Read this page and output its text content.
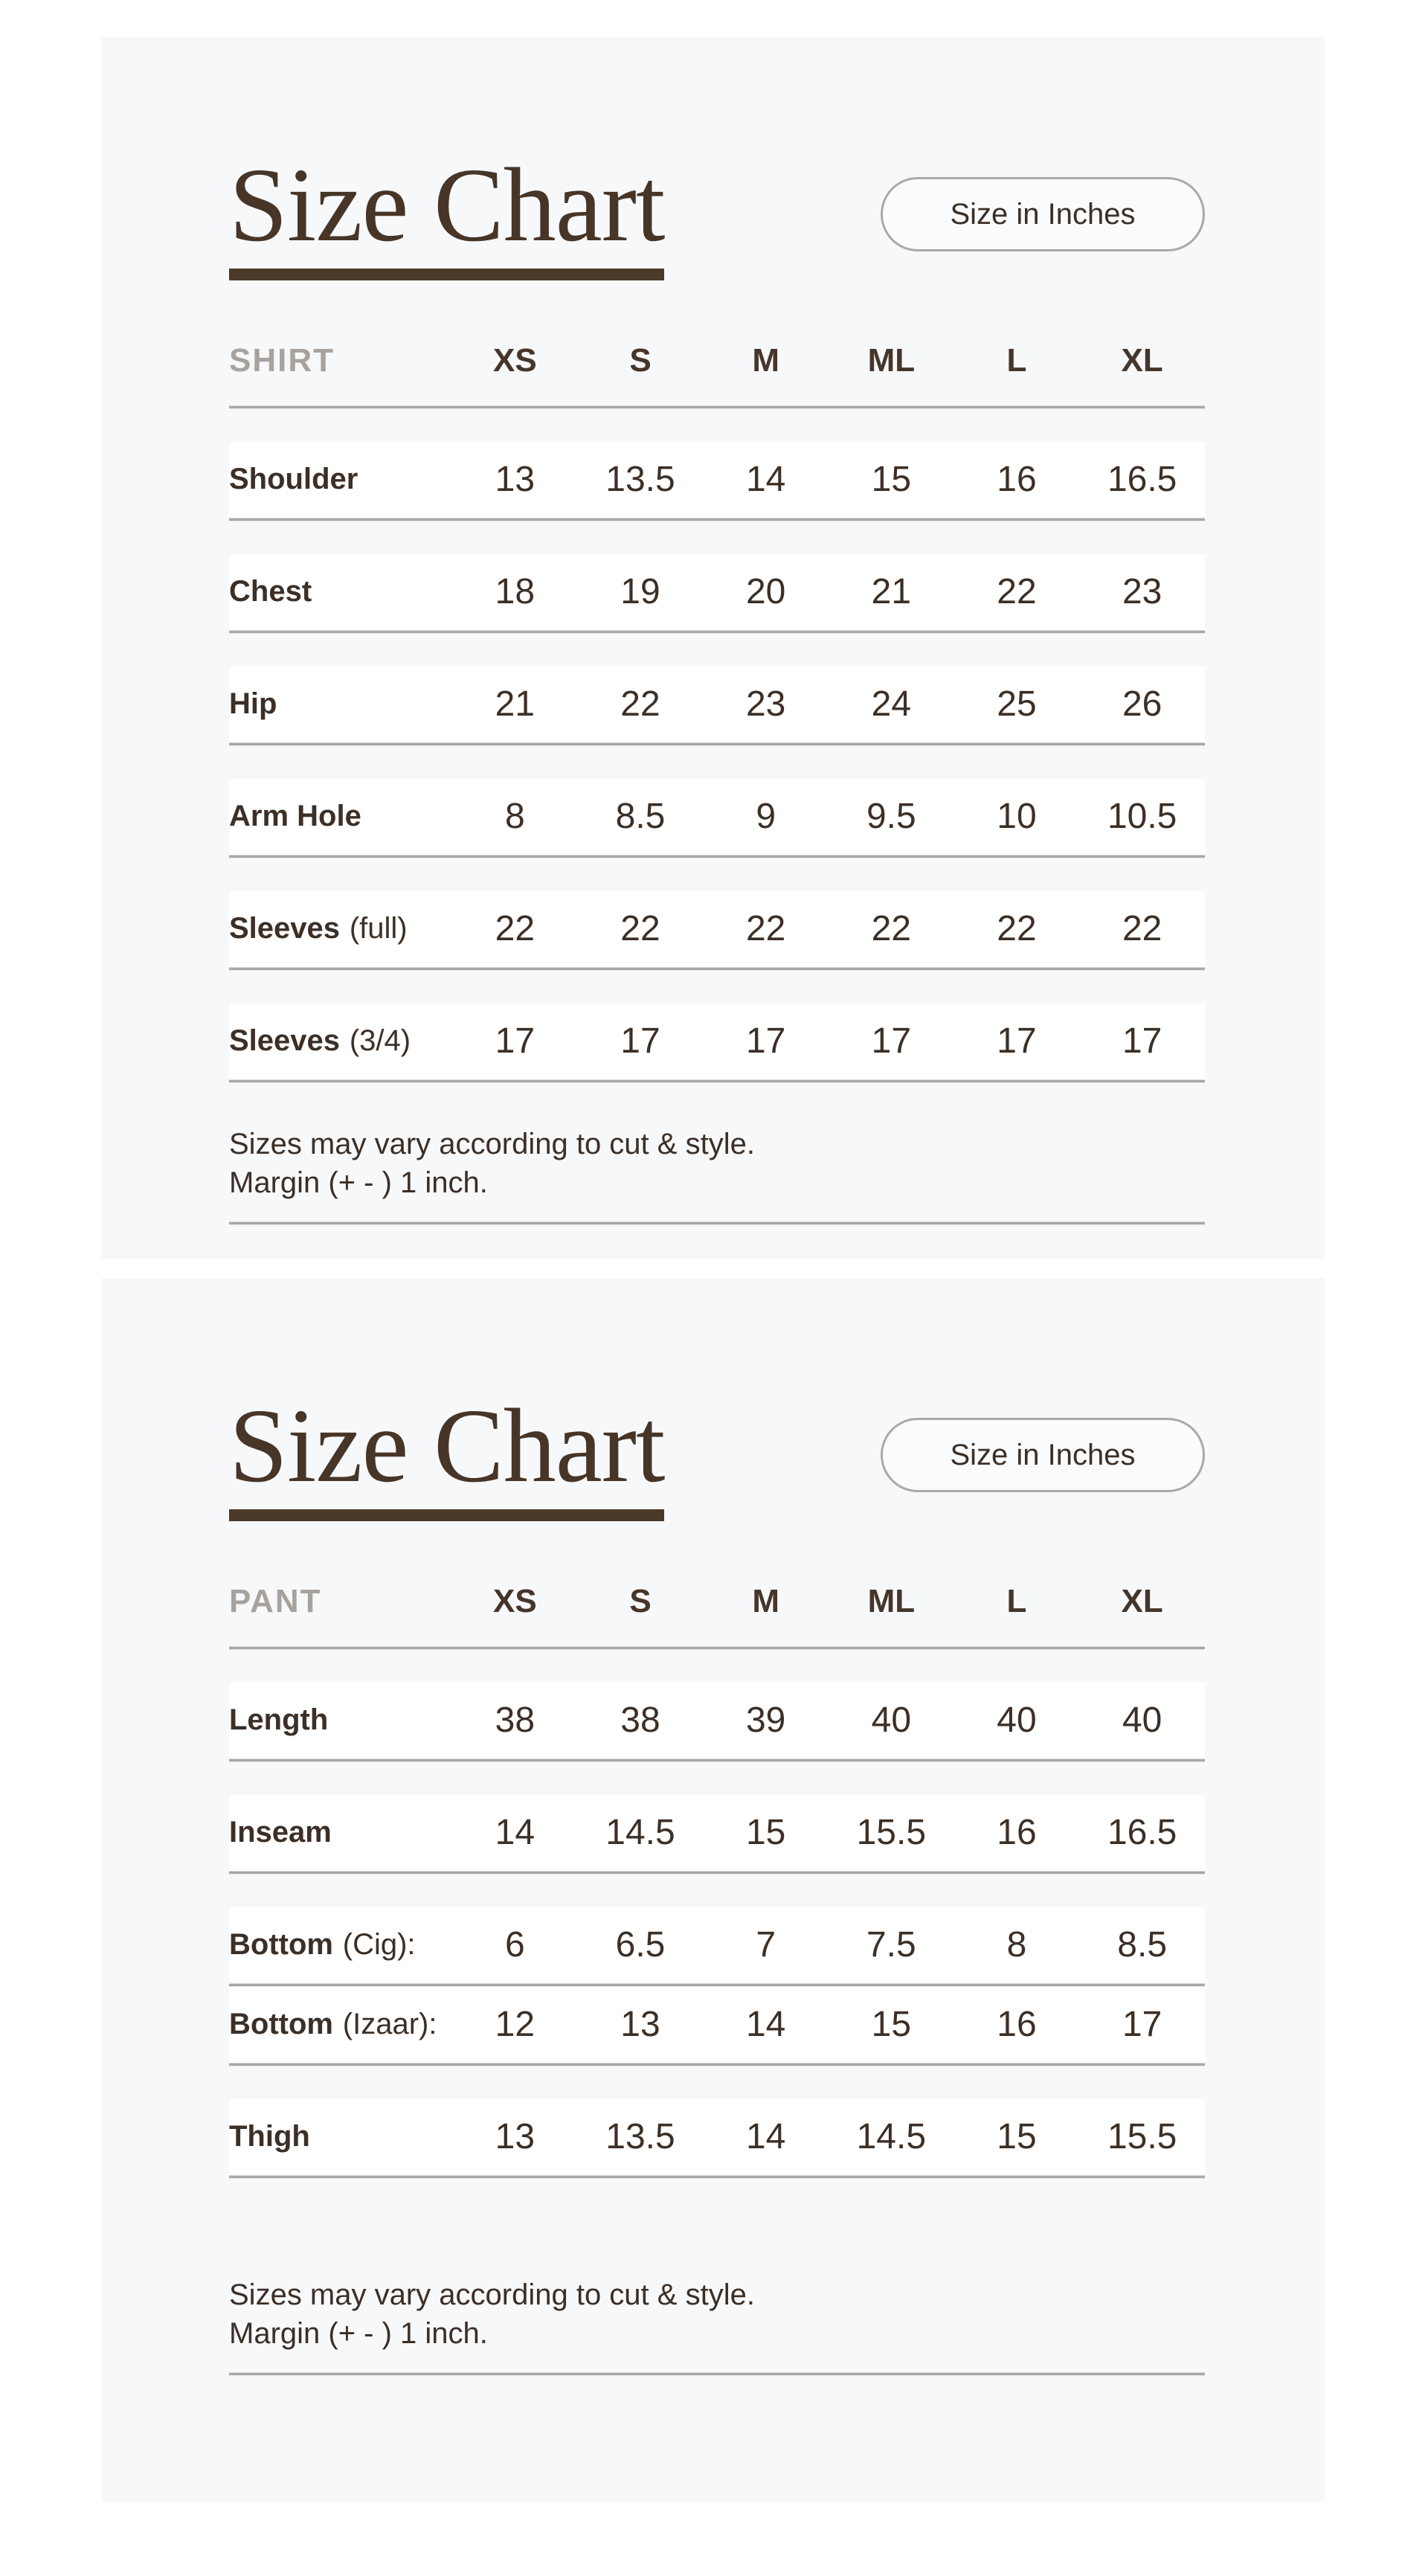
Size Chart	Size in Inches
SHIRT	XS	S	M	ML	L	XL
Shoulder	13	13.5	14	15	16	16.5
Chest	18	19	20	21	22	23
Hip	21	22	23	24	25	26
Arm Hole	8	8.5	9	9.5	10	10.5
Sleeves (full)	22	22	22	22	22	22
Sleeves (3/4)	17	17	17	17	17	17

Sizes may vary according to cut & style.

Margin (+ - ) 1 inch.

Size Chart	Size in Inches
PANT	XS	S	M	ML	L	XL
Length	38	38	39	40	40	40
Inseam	14	14.5	15	15.5	16	16.5
Bottom (Cig):	6	6.5	7	7.5	8	8.5
Bottom (Izaar):	12	13	14	15	16	17
Thigh	13	13.5	14	14.5	15	15.5

Sizes may vary according to cut & style.

Margin (+ - ) 1 inch.
